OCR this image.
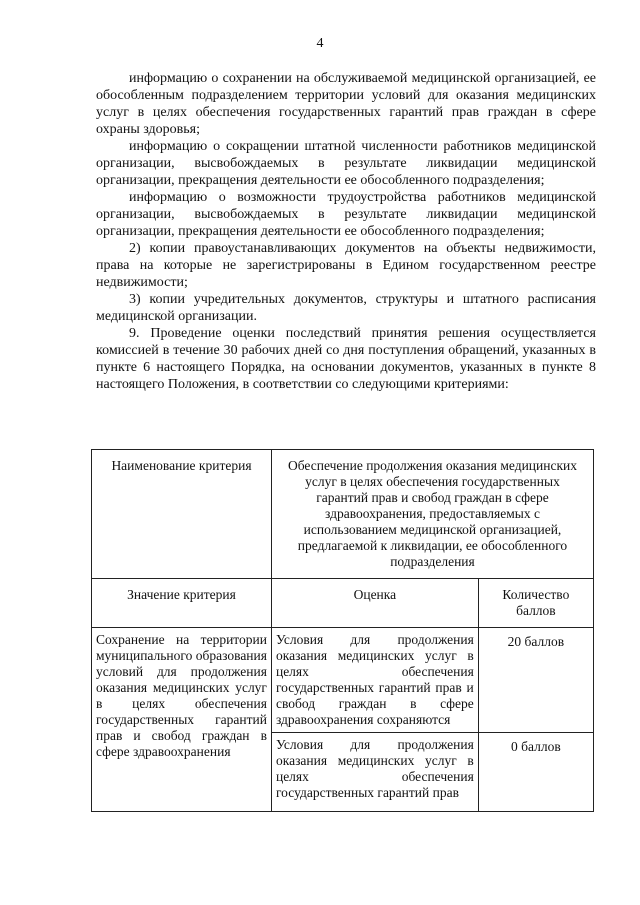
4

информацию о сохранении на обслуживаемой медицинской организацией, ее обособленным подразделением территории условий для оказания медицинских услуг в целях обеспечения государственных гарантий прав граждан в сфере охраны здоровья;

информацию о сокращении штатной численности работников медицинской организации, высвобождаемых в результате ликвидации медицинской организации, прекращения деятельности ее обособленного подразделения;

информацию о возможности трудоустройства работников медицинской организации, высвобождаемых в результате ликвидации медицинской организации, прекращения деятельности ее обособленного подразделения;

2) копии правоустанавливающих документов на объекты недвижимости, права на которые не зарегистрированы в Едином государственном реестре недвижимости;

3) копии учредительных документов, структуры и штатного расписания медицинской организации.

9. Проведение оценки последствий принятия решения осуществляется комиссией в течение 30 рабочих дней со дня поступления обращений, указанных в пункте 6 настоящего Порядка, на основании документов, указанных в пункте 8 настоящего Положения, в соответствии со следующими критериями:

Наименование критерия	Обеспечение продолжения оказания медицинских услуг в целях обеспечения государственных гарантий прав и свобод граждан в сфере здравоохранения, предоставляемых с использованием медицинской организацией, предлагаемой к ликвидации, ее обособленного подразделения	
Значение критерия	Оценка	Количество баллов
Сохранение на территории муниципального образования условий для продолжения оказания медицинских услуг в целях обеспечения государственных гарантий прав и свобод граждан в сфере здравоохранения	Условия для продолжения оказания медицинских услуг в целях обеспечения государственных гарантий прав и свобод граждан в сфере здравоохранения сохраняются	20 баллов

	Условия для продолжения оказания медицинских услуг в целях обеспечения государственных гарантий прав	0 баллов
